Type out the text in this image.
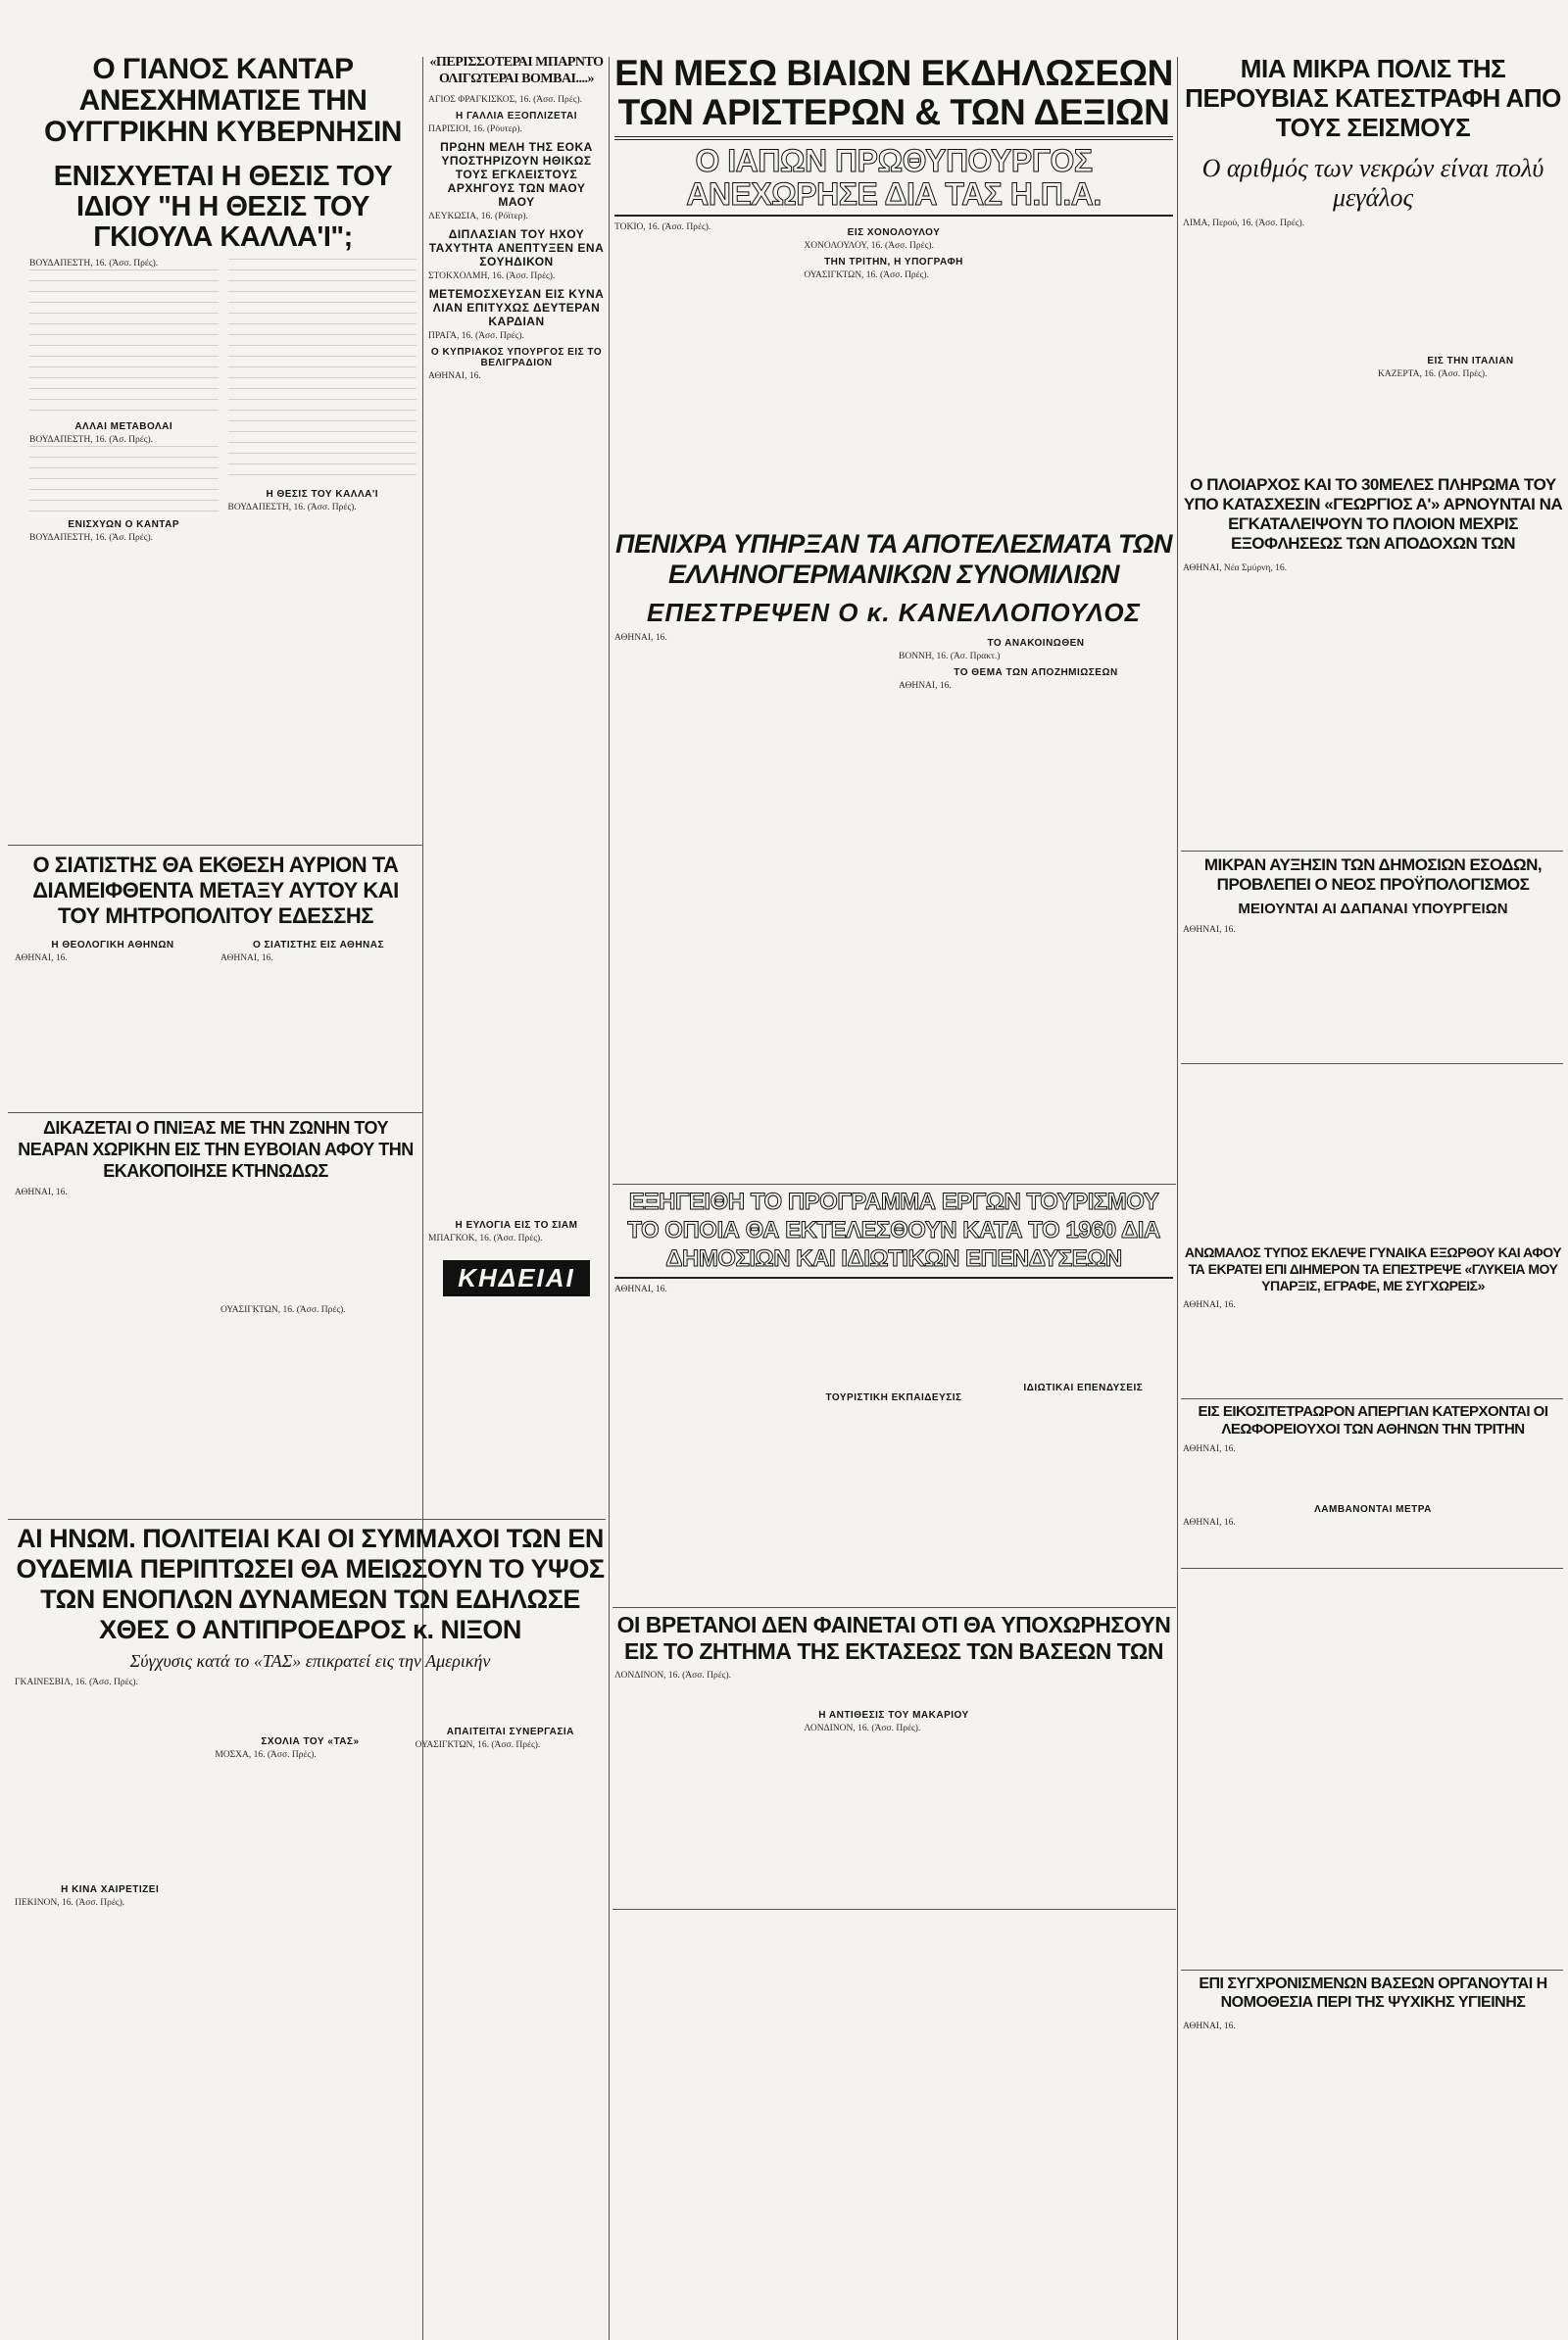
Ο ΓΙΑΝΟΣ ΚΑΝΤΑΡ ΑΝΕΣΧΗΜΑΤΙΣΕ ΤΗΝ ΟΥΓΓΡΙΚΗΝ ΚΥΒΕΡΝΗΣΙΝ
ΕΝΙΣΧΥΕΤΑΙ Η ΘΕΣΙΣ ΤΟΥ ΙΔΙΟΥ "Η Η ΘΕΣΙΣ ΤΟΥ ΓΚΙΟΥΛΑ ΚΑΛΛΑ'Ι";

ΒΟΥΔΑΠΕΣΤΗ, 16. (Άσσ. Πρές).

ΑΛΛΑΙ ΜΕΤΑΒΟΛΑΙ

ΒΟΥΔΑΠΕΣΤΗ, 16. (Άσ. Πρές).

ΕΝΙΣΧΥΩΝ Ο ΚΑΝΤΑΡ

ΒΟΥΔΑΠΕΣΤΗ, 16. (Άσ. Πρές).

Η ΘΕΣΙΣ ΤΟΥ ΚΑΛΛΑ'Ι

ΒΟΥΔΑΠΕΣΤΗ, 16. (Άσσ. Πρές).

«ΠΕΡΙΣΣΟΤΕΡΑΙ ΜΠΑΡΝΤΟ ΟΛΙΓΩΤΕΡΑΙ BOMBAI....»

ΑΓΙΟΣ ΦΡΑΓΚΙΣΚΟΣ, 16. (Άσσ. Πρές).

Η ΓΑΛΛΙΑ ΕΞΟΠΛΙΖΕΤΑΙ

ΠΑΡΙΣΙΟΙ, 16. (Ρόυτερ).

ΠΡΩΗΝ ΜΕΛΗ ΤΗΣ ΕΟΚΑ ΥΠΟΣΤΗΡΙΖΟΥΝ ΗΘΙΚΩΣ ΤΟΥΣ ΕΓΚΛΕΙΣΤΟΥΣ ΑΡΧΗΓΟΥΣ ΤΩΝ ΜΑΟΥ ΜΑΟΥ

ΛΕΥΚΩΣΙΑ, 16. (Ρόϊτερ).

ΔΙΠΛΑΣΙΑΝ ΤΟΥ ΗΧΟΥ ΤΑΧΥΤΗΤΑ ΑΝΕΠΤΥΞΕΝ ΕΝΑ ΣΟΥΗΔΙΚΟΝ

ΣΤΟΚΧΟΛΜΗ, 16. (Άσσ. Πρές).

ΜΕΤΕΜΟΣΧΕΥΣΑΝ ΕΙΣ ΚΥΝΑ ΛΙΑΝ ΕΠΙΤΥΧΩΣ ΔΕΥΤΕΡΑΝ ΚΑΡΔΙΑΝ

ΠΡΑΓΑ, 16. (Άσσ. Πρές).

Ο ΚΥΠΡΙΑΚΟΣ ΥΠΟΥΡΓΟΣ ΕΙΣ ΤΟ ΒΕΛΙΓΡΑΔΙΟΝ

ΑΘΗΝΑΙ, 16.

ΕΝ ΜΕΣΩ ΒΙΑΙΩΝ ΕΚΔΗΛΩΣΕΩΝ ΤΩΝ ΑΡΙΣΤΕΡΩΝ & ΤΩΝ ΔΕΞΙΩΝ
Ο ΙΑΠΩΝ ΠΡΩΘΥΠΟΥΡΓΟΣ ΑΝΕΧΩΡΗΣΕ ΔΙΑ ΤΑΣ Η.Π.Α.

ΤΟΚΙΟ, 16. (Άσσ. Πρές).	ΕΙΣ ΧΟΝΟΛΟΥΛΟΥ

ΧΟΝΟΛΟΥΛΟΥ, 16. (Άσσ. Πρές).

ΤΗΝ ΤΡΙΤΗΝ, Η ΥΠΟΓΡΑΦΗ

ΟΥΑΣΙΓΚΤΩΝ, 16. (Άσσ. Πρές).

ΜΙΑ ΜΙΚΡΑ ΠΟΛΙΣ ΤΗΣ ΠΕΡΟΥΒΙΑΣ ΚΑΤΕΣΤΡΑΦΗ ΑΠΟ ΤΟΥΣ ΣΕΙΣΜΟΥΣ

Ο αριθμός των νεκρών είναι πολύ μεγάλος

ΛΙΜΑ, Περού, 16. (Άσσ. Πρές).

ΕΙΣ ΤΗΝ ΙΤΑΛΙΑΝ

ΚΑΖΕΡΤΑ, 16. (Άσσ. Πρές).

Ο ΠΛΟΙΑΡΧΟΣ ΚΑΙ ΤΟ 30ΜΕΛΕΣ ΠΛΗΡΩΜΑ ΤΟΥ ΥΠΟ ΚΑΤΑΣΧΕΣΙΝ «ΓΕΩΡΓΙΟΣ Α'» ΑΡΝΟΥΝΤΑΙ ΝΑ ΕΓΚΑΤΑΛΕΙΨΟΥΝ ΤΟ ΠΛΟΙΟΝ ΜΕΧΡΙΣ ΕΞΟΦΛΗΣΕΩΣ ΤΩΝ ΑΠΟΔΟΧΩΝ ΤΩΝ

ΑΘΗΝΑΙ, Νέα Σμύρνη, 16.

ΜΙΚΡΑΝ ΑΥΞΗΣΙΝ ΤΩΝ ΔΗΜΟΣΙΩΝ ΕΣΟΔΩΝ, ΠΡΟΒΛΕΠΕΙ Ο ΝΕΟΣ ΠΡΟΫΠΟΛΟΓΙΣΜΟΣ

ΜΕΙΟΥΝΤΑΙ ΑΙ ΔΑΠΑΝΑΙ ΥΠΟΥΡΓΕΙΩΝ

ΑΘΗΝΑΙ, 16.

Ο ΣΙΑΤΙΣΤΗΣ ΘΑ ΕΚΘΕΣΗ ΑΥΡΙΟΝ ΤΑ ΔΙΑΜΕΙΦΘΕΝΤΑ ΜΕΤΑΞΥ ΑΥΤΟΥ ΚΑΙ ΤΟΥ ΜΗΤΡΟΠΟΛΙΤΟΥ ΕΔΕΣΣΗΣ
Η ΘΕΟΛΟΓΙΚΗ ΑΘΗΝΩΝ

ΑΘΗΝΑΙ, 16.

Ο ΣΙΑΤΙΣΤΗΣ ΕΙΣ ΑΘΗΝΑΣ

ΑΘΗΝΑΙ, 16.

ΠΕΝΙΧΡΑ ΥΠΗΡΞΑΝ ΤΑ ΑΠΟΤΕΛΕΣΜΑΤΑ ΤΩΝ ΕΛΛΗΝΟΓΕΡΜΑΝΙΚΩΝ ΣΥΝΟΜΙΛΙΩΝ
ΕΠΕΣΤΡΕΨΕΝ Ο κ. ΚΑΝΕΛΛΟΠΟΥΛΟΣ

ΑΘΗΝΑΙ, 16.	ΤΟ ΑΝΑΚΟΙΝΩΘΕΝ

ΒΟΝΝΗ, 16. (Άσ. Πρακτ.)

ΤΟ ΘΕΜΑ ΤΩΝ ΑΠΟΖΗΜΙΩΣΕΩΝ

ΑΘΗΝΑΙ, 16.

ΔΙΚΑΖΕΤΑΙ Ο ΠΝΙΞΑΣ ΜΕ ΤΗΝ ΖΩΝΗΝ ΤΟΥ ΝΕΑΡΑΝ ΧΩΡΙΚΗΝ ΕΙΣ ΤΗΝ ΕΥΒΟΙΑΝ ΑΦΟΥ ΤΗΝ ΕΚΑΚΟΠΟΙΗΣΕ ΚΤΗΝΩΔΩΣ

ΑΘΗΝΑΙ, 16.

ΟΥΑΣΙΓΚΤΩΝ, 16. (Άσσ. Πρές).

Η ΕΥΛΟΓΙΑ ΕΙΣ ΤΟ ΣΙΑΜ

ΜΠΑΓΚΟΚ, 16. (Άσσ. Πρές).

ΚΗΔΕΙΑΙ
ΕΞΗΓΕΙΘΗ ΤΟ ΠΡΟΓΡΑΜΜΑ ΕΡΓΩΝ ΤΟΥΡΙΣΜΟΥ ΤΟ ΟΠΟΙΑ ΘΑ ΕΚΤΕΛΕΣΘΟΥΝ ΚΑΤΑ ΤΟ 1960 ΔΙΑ ΔΗΜΟΣΙΩΝ ΚΑΙ ΙΔΙΩΤΙΚΩΝ ΕΠΕΝΔΥΣΕΩΝ

ΑΘΗΝΑΙ, 16.

ΤΟΥΡΙΣΤΙΚΗ ΕΚΠΑΙΔΕΥΣΙΣ
ΙΔΙΩΤΙΚΑΙ ΕΠΕΝΔΥΣΕΙΣ
ΑΝΩΜΑΛΟΣ ΤΥΠΟΣ ΕΚΛΕΨΕ ΓΥΝΑΙΚΑ ΕΞΩΡΘΟΥ ΚΑΙ ΑΦΟΥ ΤΑ ΕΚΡΑΤΕΙ ΕΠΙ ΔΙΗΜΕΡΟΝ ΤΑ ΕΠΕΣΤΡΕΨΕ «ΓΛΥΚΕΙΑ ΜΟΥ ΥΠΑΡΞΙΣ, ΕΓΡΑΦΕ, ΜΕ ΣΥΓΧΩΡΕΙΣ»

ΑΘΗΝΑΙ, 16.

ΕΙΣ ΕΙΚΟΣΙΤΕΤΡΑΩΡΟΝ ΑΠΕΡΓΙΑΝ ΚΑΤΕΡΧΟΝΤΑΙ ΟΙ ΛΕΩΦΟΡΕΙΟΥΧΟΙ ΤΩΝ ΑΘΗΝΩΝ ΤΗΝ ΤΡΙΤΗΝ

ΑΘΗΝΑΙ, 16.

ΛΑΜΒΑΝΟΝΤΑΙ ΜΕΤΡΑ

ΑΘΗΝΑΙ, 16.

ΑΙ ΗΝΩΜ. ΠΟΛΙΤΕΙΑΙ ΚΑΙ ΟΙ ΣΥΜΜΑΧΟΙ ΤΩΝ ΕΝ ΟΥΔΕΜΙΑ ΠΕΡΙΠΤΩΣΕΙ ΘΑ ΜΕΙΩΣΟΥΝ ΤΟ ΥΨΟΣ ΤΩΝ ΕΝΟΠΛΩΝ ΔΥΝΑΜΕΩΝ ΤΩΝ ΕΔΗΛΩΣΕ ΧΘΕΣ Ο ΑΝΤΙΠΡΟΕΔΡΟΣ κ. ΝΙΞΟΝ

Σύγχυσις κατά το «ΤΑΣ» επικρατεί εις την Αμερικήν

ΓΚΑΙΝΕΣΒΙΛ, 16. (Άσσ. Πρές).

Η ΚΙΝΑ ΧΑΙΡΕΤΙΖΕΙ

ΠΕΚΙΝΟΝ, 16. (Άσσ. Πρές).

ΣΧΟΛΙΑ ΤΟΥ «ΤΑΣ»

ΜΟΣΧΑ, 16. (Άσσ. Πρές).

ΑΠΑΙΤΕΙΤΑΙ ΣΥΝΕΡΓΑΣΙΑ

ΟΥΑΣΙΓΚΤΩΝ, 16. (Άσσ. Πρές).

ΟΙ ΒΡΕΤΑΝΟΙ ΔΕΝ ΦΑΙΝΕΤΑΙ ΟΤΙ ΘΑ ΥΠΟΧΩΡΗΣΟΥΝ ΕΙΣ ΤΟ ΖΗΤΗΜΑ ΤΗΣ ΕΚΤΑΣΕΩΣ ΤΩΝ ΒΑΣΕΩΝ ΤΩΝ

ΛΟΝΔΙΝΟΝ, 16. (Άσσ. Πρές).

Η ΑΝΤΙΘΕΣΙΣ ΤΟΥ ΜΑΚΑΡΙΟΥ

ΛΟΝΔΙΝΟΝ, 16. (Άσσ. Πρές).

ΕΠΙ ΣΥΓΧΡΟΝΙΣΜΕΝΩΝ ΒΑΣΕΩΝ ΟΡΓΑΝΟΥΤΑΙ Η ΝΟΜΟΘΕΣΙΑ ΠΕΡΙ ΤΗΣ ΨΥΧΙΚΗΣ ΥΓΙΕΙΝΗΣ

ΑΘΗΝΑΙ, 16.
